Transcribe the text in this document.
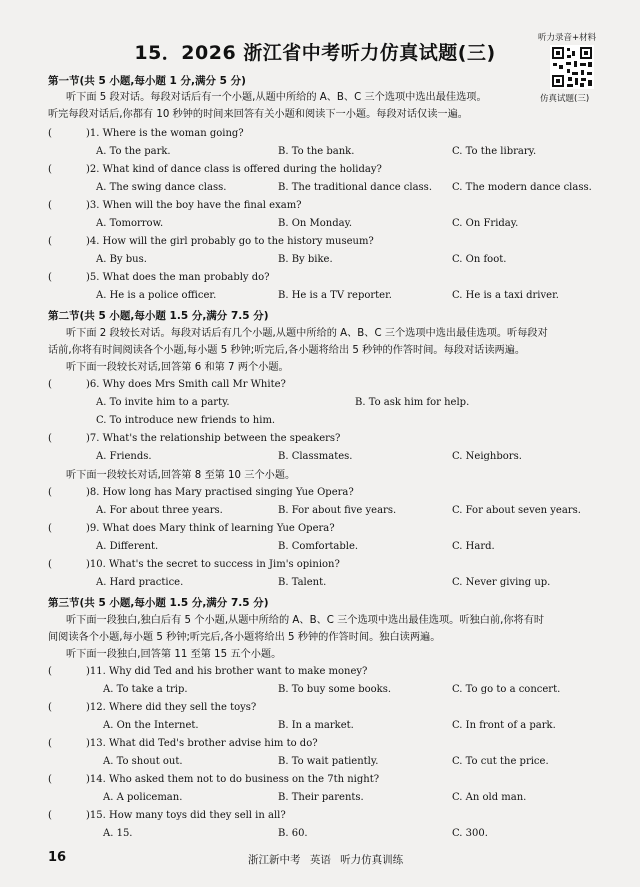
15．2026 浙江省中考听力仿真试题(三)
听力录音+材料
仿真试题(三)
第一节(共 5 小题,每小题 1 分,满分 5 分)
听下面 5 段对话。每段对话后有一个小题,从题中所给的 A、B、C 三个选项中选出最佳选项。
听完每段对话后,你都有 10 秒钟的时间来回答有关小题和阅读下一小题。每段对话仅读一遍。
(	)1. Where is the woman going?
A. To the park.	B. To the bank.	C. To the library.
(	)2. What kind of dance class is offered during the holiday?
A. The swing dance class.	B. The traditional dance class. C. The modern dance class.
(	)3. When will the boy have the final exam?
A. Tomorrow.	B. On Monday.	C. On Friday.
(	)4. How will the girl probably go to the history museum?
A. By bus.	B. By bike.	C. On foot.
(	)5. What does the man probably do?
A. He is a police officer.	B. He is a TV reporter.	C. He is a taxi driver.
第二节(共 5 小题,每小题 1.5 分,满分 7.5 分)
听下面 2 段较长对话。每段对话后有几个小题,从题中所给的 A、B、C 三个选项中选出最佳选项。听每段对
话前,你将有时间阅读各个小题,每小题 5 秒钟;听完后,各小题将给出 5 秒钟的作答时间。每段对话读两遍。
听下面一段较长对话,回答第 6 和第 7 两个小题。
(	)6. Why does Mrs Smith call Mr White?
A. To invite him to a party.	B. To ask him for help.
C. To introduce new friends to him.
(	)7. What's the relationship between the speakers?
A. Friends.	B. Classmates.	C. Neighbors.
听下面一段较长对话,回答第 8 至第 10 三个小题。
(	)8. How long has Mary practised singing Yue Opera?
A. For about three years.	B. For about five years.	C. For about seven years.
(	)9. What does Mary think of learning Yue Opera?
A. Different.	B. Comfortable.	C. Hard.
(	)10. What's the secret to success in Jim's opinion?
A. Hard practice.	B. Talent.	C. Never giving up.
第三节(共 5 小题,每小题 1.5 分,满分 7.5 分)
听下面一段独白,独白后有 5 个小题,从题中所给的 A、B、C 三个选项中选出最佳选项。听独白前,你将有时
间阅读各个小题,每小题 5 秒钟;听完后,各小题将给出 5 秒钟的作答时间。独白读两遍。
听下面一段独白,回答第 11 至第 15 五个小题。
(	)11. Why did Ted and his brother want to make money?
A. To take a trip.	B. To buy some books.	C. To go to a concert.
(	)12. Where did they sell the toys?
A. On the Internet.	B. In a market.	C. In front of a park.
(	)13. What did Ted's brother advise him to do?
A. To shout out.	B. To wait patiently.	C. To cut the price.
(	)14. Who asked them not to do business on the 7th night?
A. A policeman.	B. Their parents.	C. An old man.
(	)15. How many toys did they sell in all?
A. 15.	B. 60.	C. 300.
16	浙江新中考 英语 听力仿真训练
